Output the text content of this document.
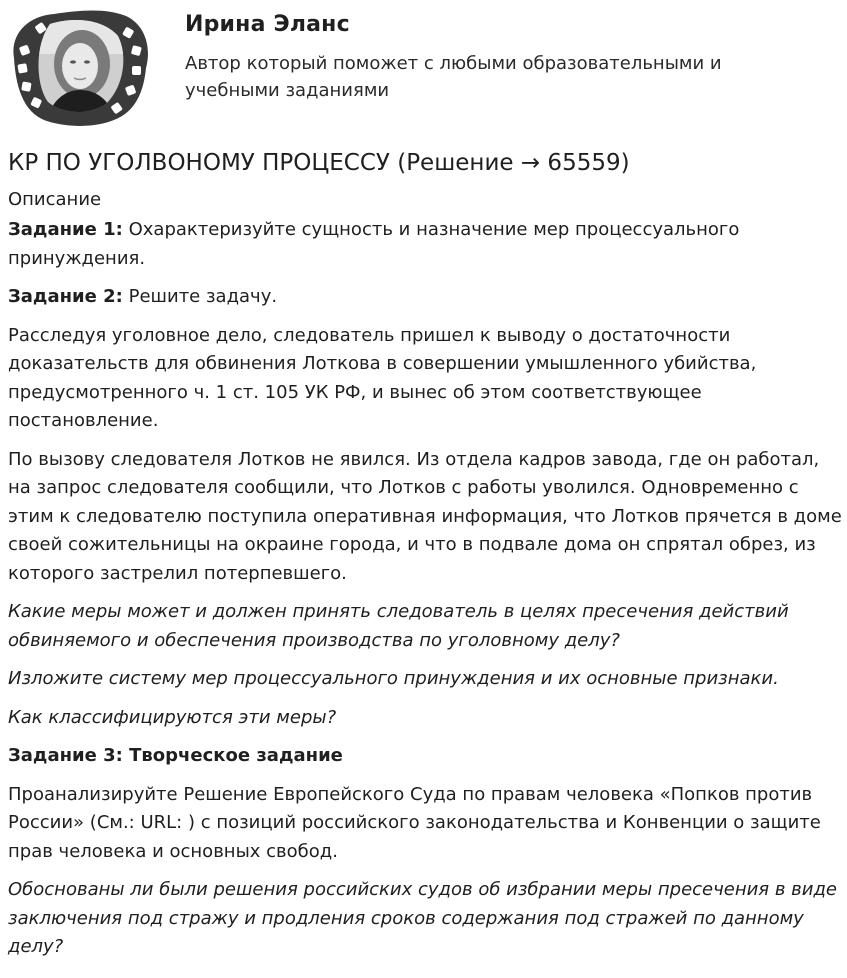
Ирина Эланс
Автор который поможет с любыми образовательными и учебными заданиями
КР ПО УГОЛВОНОМУ ПРОЦЕССУ (Решение → 65559)
Описание

Задание 1: Охарактеризуйте сущность и назначение мер процессуального принуждения.

Задание 2: Решите задачу.

Расследуя уголовное дело, следователь пришел к выводу о достаточности доказательств для обвинения Лоткова в совершении умышленного убийства, предусмотренного ч. 1 ст. 105 УК РФ, и вынес об этом соответствующее постановление.

По вызову следователя Лотков не явился. Из отдела кадров завода, где он работал, на запрос следователя сообщили, что Лотков с работы уволился. Одновременно с этим к следователю поступила оперативная информация, что Лотков прячется в доме своей сожительницы на окраине города, и что в подвале дома он спрятал обрез, из которого застрелил потерпевшего.

Какие меры может и должен принять следователь в целях пресечения действий обвиняемого и обеспечения производства по уголовному делу?

Изложите систему мер процессуального принуждения и их основные признаки.

Как классифицируются эти меры?

Задание 3: Творческое задание

Проанализируйте Решение Европейского Суда по правам человека «Попков против России» (См.: URL: ) с позиций российского законодательства и Конвенции о защите прав человека и основных свобод.

Обоснованы ли были решения российских судов об избрании меры пресечения в виде заключения под стражу и продления сроков содержания под стражей по данному делу?
